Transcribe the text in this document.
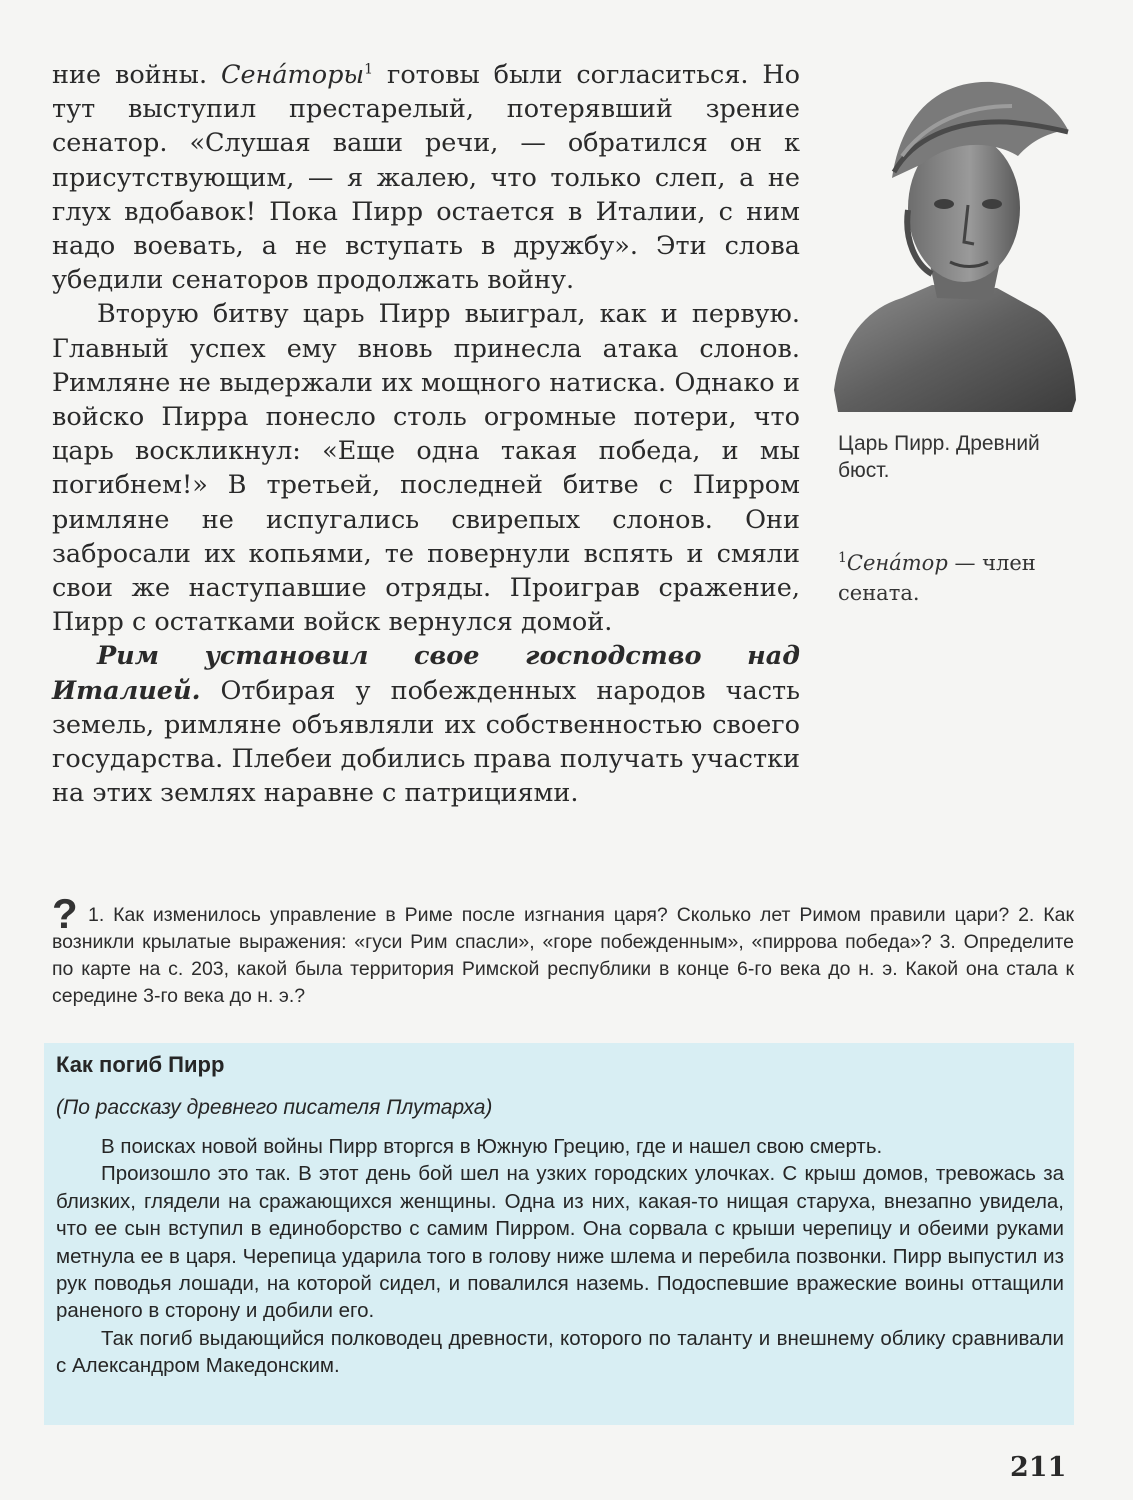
ние войны. Сена́торы$^1$ готовы были согласиться. Но тут выступил престарелый, потерявший зрение сенатор. «Слушая ваши речи, — обратился он к присутствующим, — я жалею, что только слеп, а не глух вдобавок! Пока Пирр остается в Италии, с ним надо воевать, а не вступать в дружбу». Эти слова убедили сенаторов продолжать войну.

Вторую битву царь Пирр выиграл, как и первую. Главный успех ему вновь принесла атака слонов. Римляне не выдержали их мощного натиска. Однако и войско Пирра понесло столь огромные потери, что царь воскликнул: «Еще одна такая победа, и мы погибнем!» В третьей, последней битве с Пирром римляне не испугались свирепых слонов. Они забросали их копьями, те повернули вспять и смяли свои же наступавшие отряды. Проиграв сражение, Пирр с остатками войск вернулся домой.

Рим установил свое господство над Италией. Отбирая у побежденных народов часть земель, римляне объявляли их собственностью своего государства. Плебеи добились права получать участки на этих землях наравне с патрициями.

Царь Пирр. Древний бюст.
$^1$Сена́тор — член сената.
? 1. Как изменилось управление в Риме после изгнания царя? Сколько лет Римом правили цари? 2. Как возникли крылатые выражения: «гуси Рим спасли», «горе побежденным», «пиррова победа»? 3. Определите по карте на с. 203, какой была территория Римской республики в конце 6-го века до н. э. Какой она стала к середине 3-го века до н. э.?

Как погиб Пирр

(По рассказу древнего писателя Плутарха)

В поисках новой войны Пирр вторгся в Южную Грецию, где и нашел свою смерть.

Произошло это так. В этот день бой шел на узких городских улочках. С крыш домов, тревожась за близких, глядели на сражающихся женщины. Одна из них, какая-то нищая старуха, внезапно увидела, что ее сын вступил в единоборство с самим Пирром. Она сорвала с крыши черепицу и обеими руками метнула ее в царя. Черепица ударила того в голову ниже шлема и перебила позвонки. Пирр выпустил из рук поводья лошади, на которой сидел, и повалился наземь. Подоспевшие вражеские воины оттащили раненого в сторону и добили его.

Так погиб выдающийся полководец древности, которого по таланту и внешнему облику сравнивали с Александром Македонским.

211
